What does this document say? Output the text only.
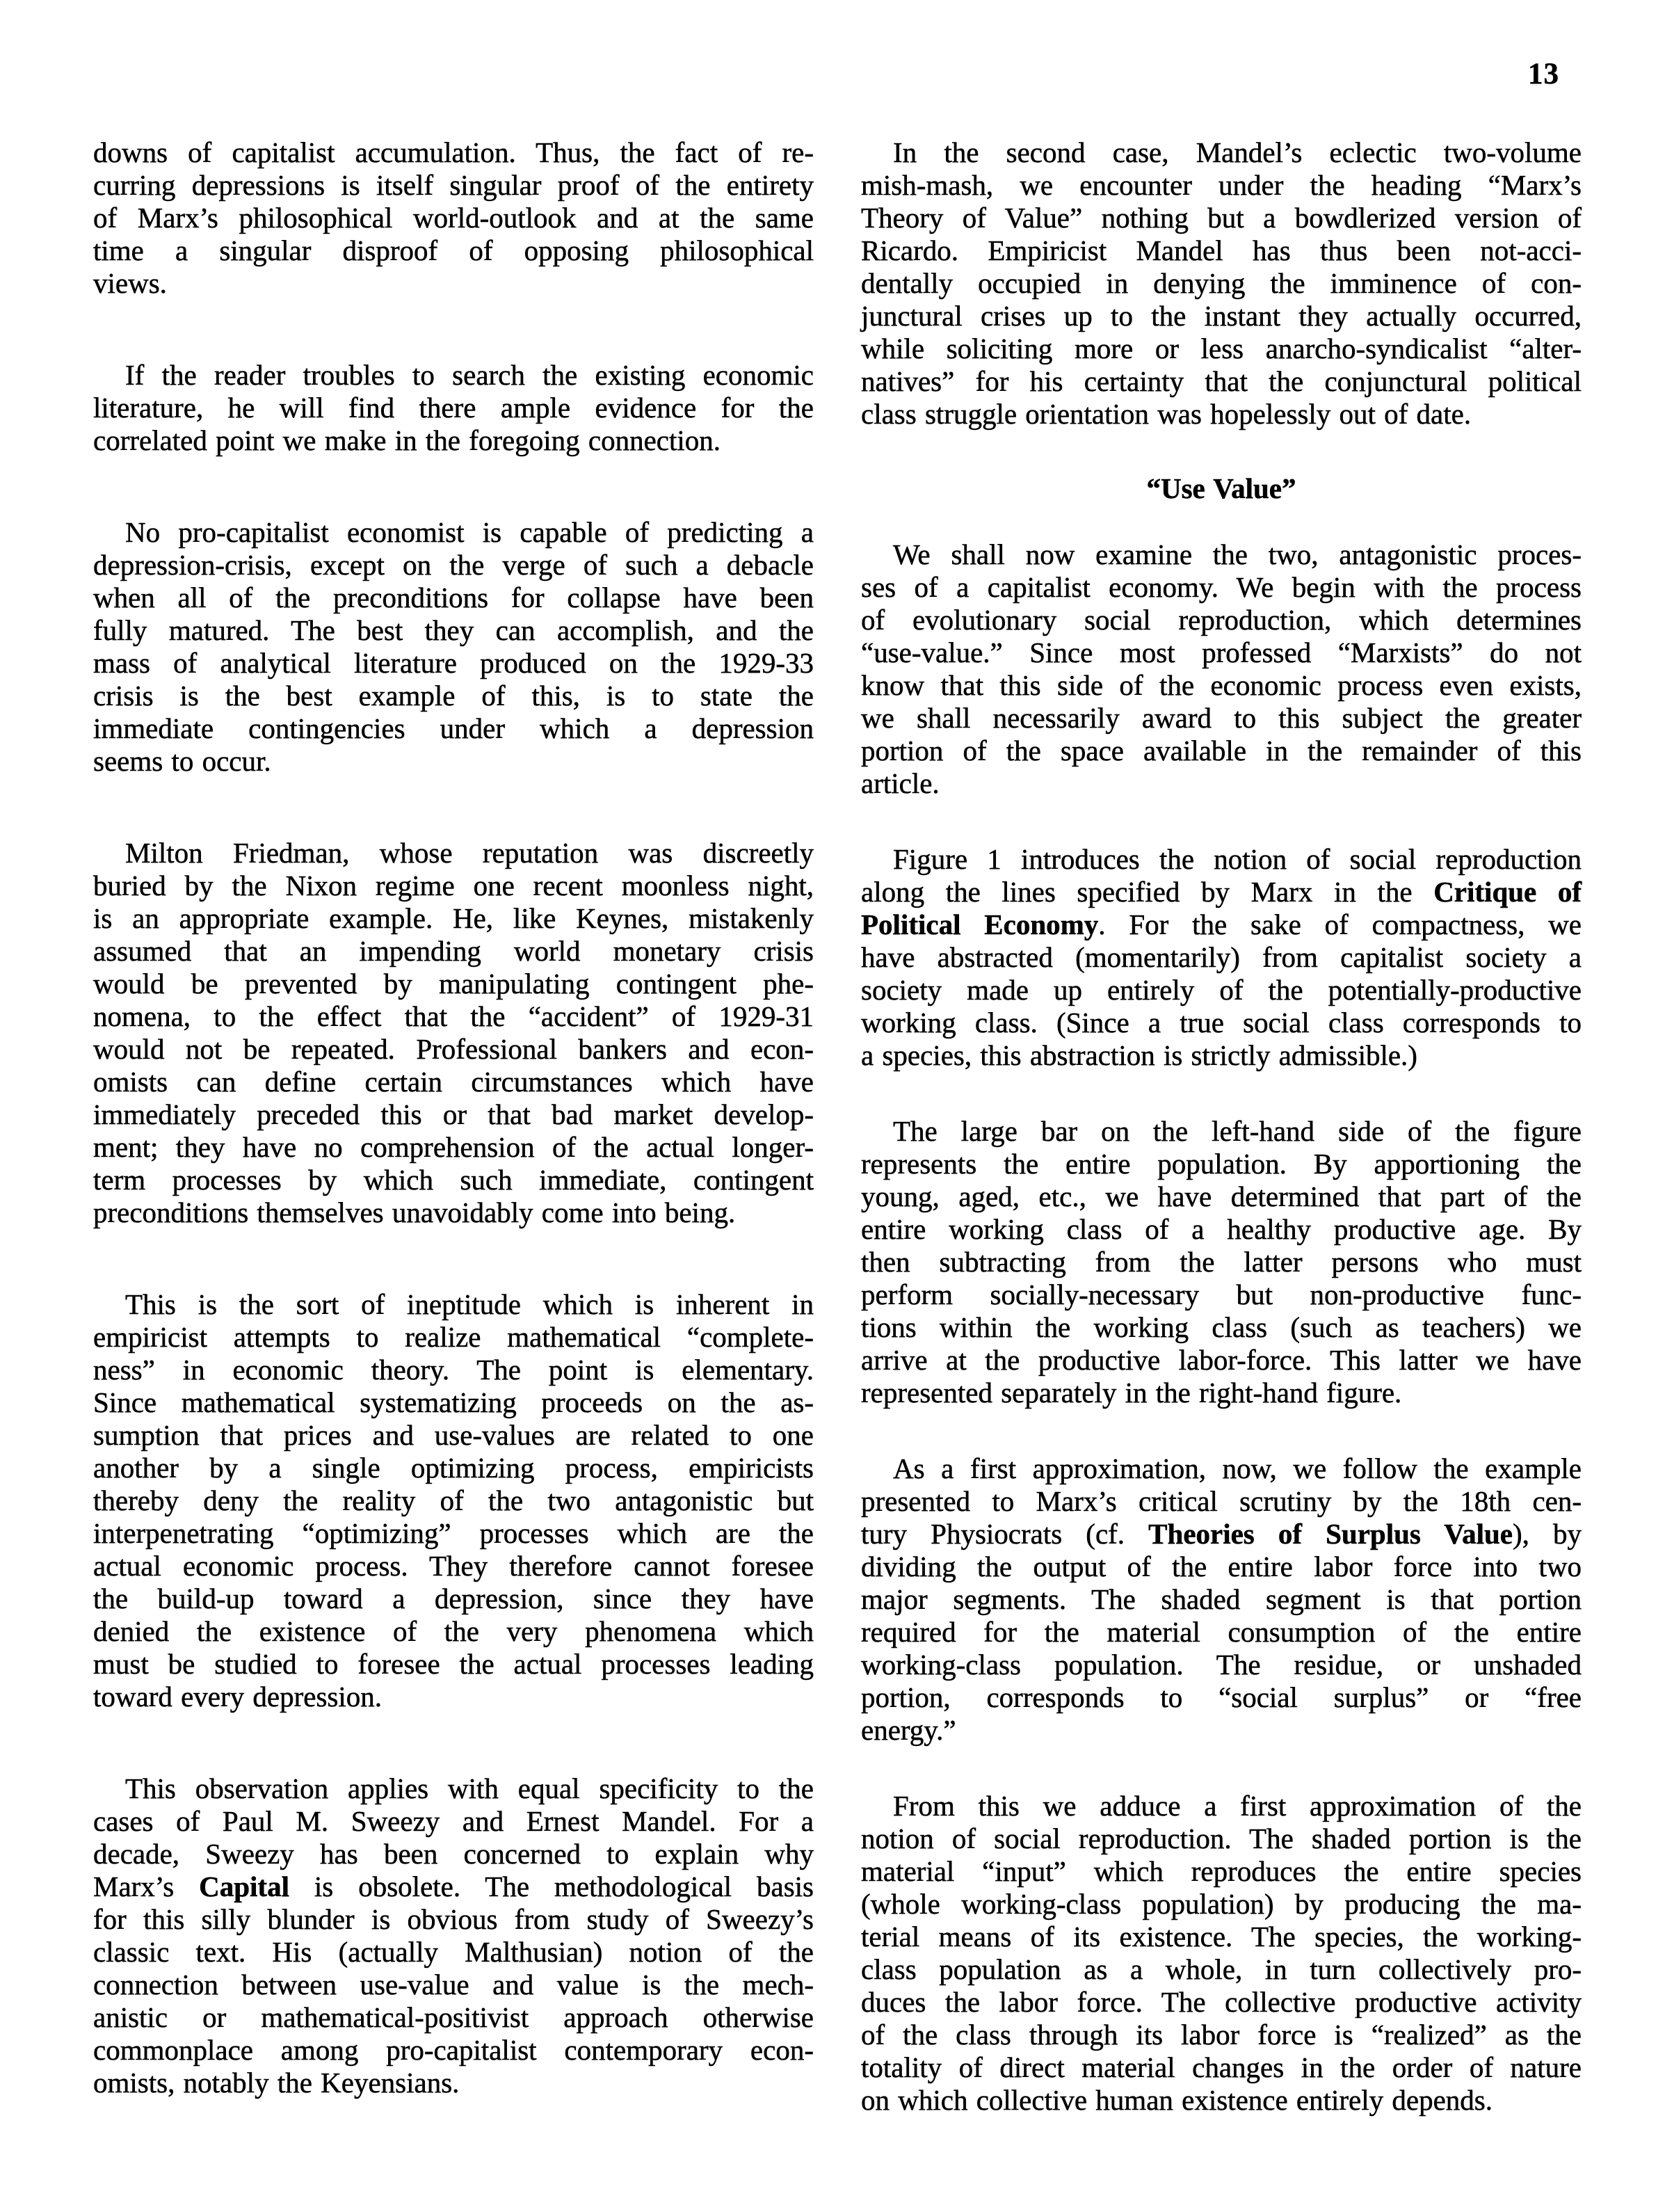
13
downs of capitalist accumulation. Thus, the fact of re-
curring depressions is itself singular proof of the entirety
of Marx’s philosophical world-outlook and at the same
time a singular disproof of opposing philosophical
views.
If the reader troubles to search the existing economic
literature, he will find there ample evidence for the
correlated point we make in the foregoing connection.
No pro-capitalist economist is capable of predicting a
depression-crisis, except on the verge of such a debacle
when all of the preconditions for collapse have been
fully matured. The best they can accomplish, and the
mass of analytical literature produced on the 1929-33
crisis is the best example of this, is to state the
immediate contingencies under which a depression
seems to occur.
Milton Friedman, whose reputation was discreetly
buried by the Nixon regime one recent moonless night,
is an appropriate example. He, like Keynes, mistakenly
assumed that an impending world monetary crisis
would be prevented by manipulating contingent phe-
nomena, to the effect that the “accident” of 1929-31
would not be repeated. Professional bankers and econ-
omists can define certain circumstances which have
immediately preceded this or that bad market develop-
ment; they have no comprehension of the actual longer-
term processes by which such immediate, contingent
preconditions themselves unavoidably come into being.
This is the sort of ineptitude which is inherent in
empiricist attempts to realize mathematical “complete-
ness” in economic theory. The point is elementary.
Since mathematical systematizing proceeds on the as-
sumption that prices and use-values are related to one
another by a single optimizing process, empiricists
thereby deny the reality of the two antagonistic but
interpenetrating “optimizing” processes which are the
actual economic process. They therefore cannot foresee
the build-up toward a depression, since they have
denied the existence of the very phenomena which
must be studied to foresee the actual processes leading
toward every depression.
This observation applies with equal specificity to the
cases of Paul M. Sweezy and Ernest Mandel. For a
decade, Sweezy has been concerned to explain why
Marx’s Capital is obsolete. The methodological basis
for this silly blunder is obvious from study of Sweezy’s
classic text. His (actually Malthusian) notion of the
connection between use-value and value is the mech-
anistic or mathematical-positivist approach otherwise
commonplace among pro-capitalist contemporary econ-
omists, notably the Keyensians.
In the second case, Mandel’s eclectic two-volume
mish-mash, we encounter under the heading “Marx’s
Theory of Value” nothing but a bowdlerized version of
Ricardo. Empiricist Mandel has thus been not-acci-
dentally occupied in denying the imminence of con-
junctural crises up to the instant they actually occurred,
while soliciting more or less anarcho-syndicalist “alter-
natives” for his certainty that the conjunctural political
class struggle orientation was hopelessly out of date.
“Use Value”
We shall now examine the two, antagonistic proces-
ses of a capitalist economy. We begin with the process
of evolutionary social reproduction, which determines
“use-value.” Since most professed “Marxists” do not
know that this side of the economic process even exists,
we shall necessarily award to this subject the greater
portion of the space available in the remainder of this
article.
Figure 1 introduces the notion of social reproduction
along the lines specified by Marx in the Critique of
Political Economy. For the sake of compactness, we
have abstracted (momentarily) from capitalist society a
society made up entirely of the potentially-productive
working class. (Since a true social class corresponds to
a species, this abstraction is strictly admissible.)
The large bar on the left-hand side of the figure
represents the entire population. By apportioning the
young, aged, etc., we have determined that part of the
entire working class of a healthy productive age. By
then subtracting from the latter persons who must
perform socially-necessary but non-productive func-
tions within the working class (such as teachers) we
arrive at the productive labor-force. This latter we have
represented separately in the right-hand figure.
As a first approximation, now, we follow the example
presented to Marx’s critical scrutiny by the 18th cen-
tury Physiocrats (cf. Theories of Surplus Value), by
dividing the output of the entire labor force into two
major segments. The shaded segment is that portion
required for the material consumption of the entire
working-class population. The residue, or unshaded
portion, corresponds to “social surplus” or “free
energy.”
From this we adduce a first approximation of the
notion of social reproduction. The shaded portion is the
material “input” which reproduces the entire species
(whole working-class population) by producing the ma-
terial means of its existence. The species, the working-
class population as a whole, in turn collectively pro-
duces the labor force. The collective productive activity
of the class through its labor force is “realized” as the
totality of direct material changes in the order of nature
on which collective human existence entirely depends.
